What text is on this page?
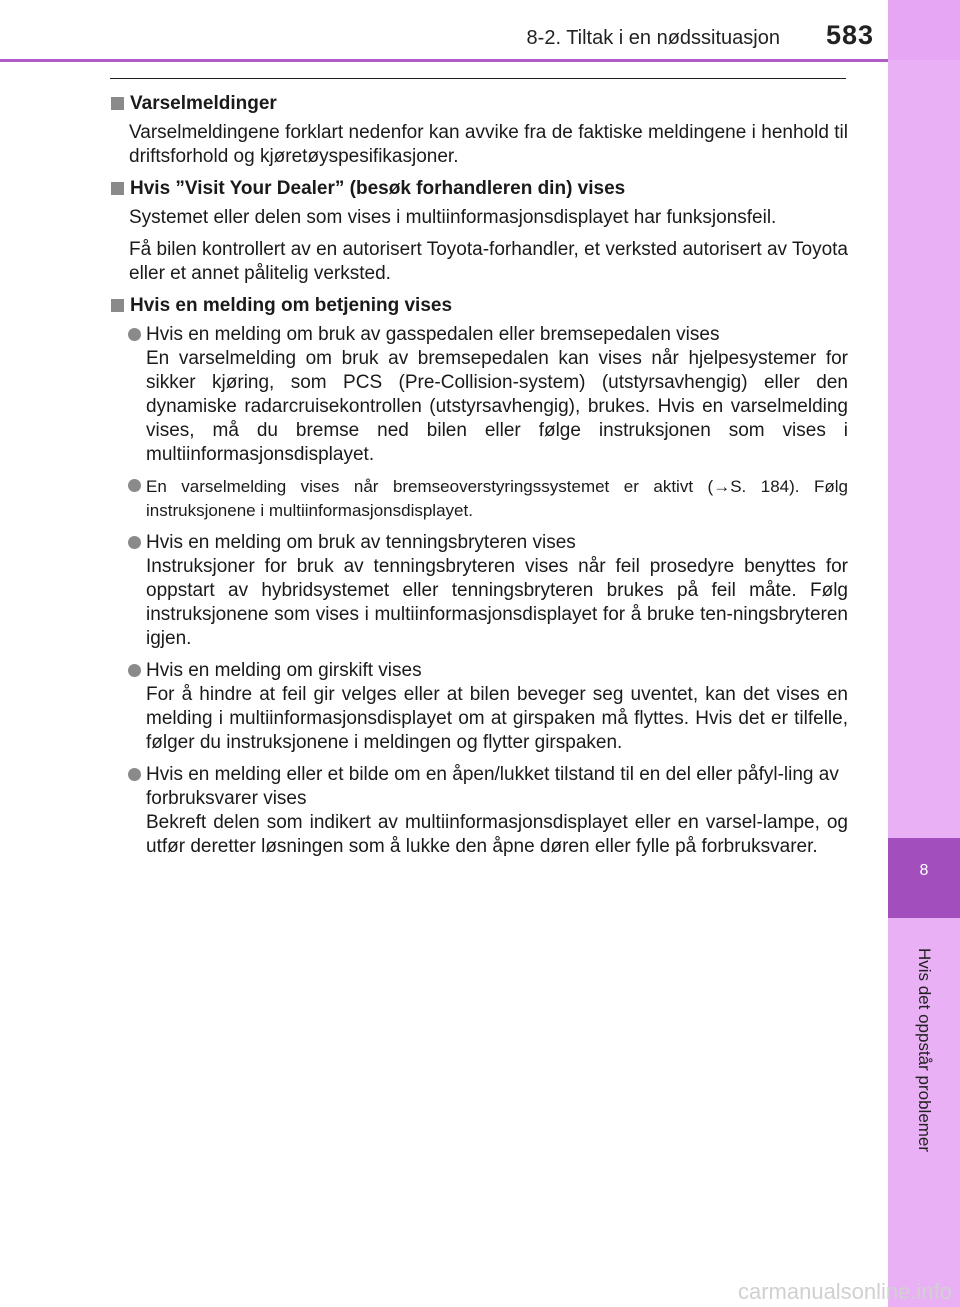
8-2. Tiltak i en nødssituasjon 583
8
Hvis det oppstår problemer
Varselmeldinger

Varselmeldingene forklart nedenfor kan avvike fra de faktiske meldingene i henhold til driftsforhold og kjøretøyspesifikasjoner.

Hvis ”Visit Your Dealer” (besøk forhandleren din) vises

Systemet eller delen som vises i multiinformasjonsdisplayet har funksjonsfeil.

Få bilen kontrollert av en autorisert Toyota-forhandler, et verksted autorisert av Toyota eller et annet pålitelig verksted.

Hvis en melding om betjening vises
Hvis en melding om bruk av gasspedalen eller bremsepedalen vises
En varselmelding om bruk av bremsepedalen kan vises når hjelpesystemer for sikker kjøring, som PCS (Pre-Collision-system) (utstyrsavhengig) eller den dynamiske radarcruisekontrollen (utstyrsavhengig), brukes. Hvis en varselmelding vises, må du bremse ned bilen eller følge instruksjonen som vises i multiinformasjonsdisplayet.
En varselmelding vises når bremseoverstyringssystemet er aktivt (→S. 184). Følg instruksjonene i multiinformasjonsdisplayet.
Hvis en melding om bruk av tenningsbryteren vises
Instruksjoner for bruk av tenningsbryteren vises når feil prosedyre benyttes for oppstart av hybridsystemet eller tenningsbryteren brukes på feil måte. Følg instruksjonene som vises i multiinformasjonsdisplayet for å bruke ten-ningsbryteren igjen.
Hvis en melding om girskift vises
For å hindre at feil gir velges eller at bilen beveger seg uventet, kan det vises en melding i multiinformasjonsdisplayet om at girspaken må flyttes. Hvis det er tilfelle, følger du instruksjonene i meldingen og flytter girspaken.
Hvis en melding eller et bilde om en åpen/lukket tilstand til en del eller påfyl-ling av forbruksvarer vises
Bekreft delen som indikert av multiinformasjonsdisplayet eller en varsel-lampe, og utfør deretter løsningen som å lukke den åpne døren eller fylle på forbruksvarer.
carmanualsonline.info
